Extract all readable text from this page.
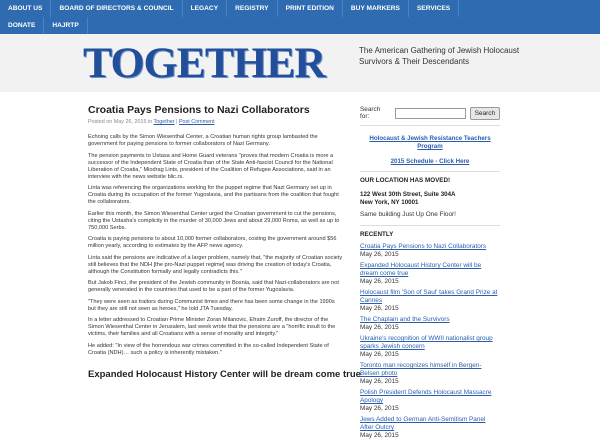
ABOUT US	BOARD OF DIRECTORS & COUNCIL	LEGACY	REGISTRY	PRINT EDITION	BUY MARKERS	SERVICES
DONATE	HAJRTP
TOGETHER	The American Gathering of Jewish Holocaust Survivors & Their Descendants
Croatia Pays Pensions to Nazi Collaborators
Posted on May 26, 2015 in Together | Post Comment
Echoing calls by the Simon Wiesenthal Center, a Croatian human rights group lambasted the government for paying pensions to former collaborators of Nazi Germany.
The pension payments to Ustasa and Home Guard veterans "proves that modern Croatia is more a successor of the Independent State of Croatia than of the State Anti-fascist Council for the National Liberation of Croatia," Miodrag Lints, president of the Coalition of Refugee Associations, said in an interview with the news website blic.rs.
Linta was referencing the organizations working for the puppet regime that Nazi Germany set up in Croatia during its occupation of the former Yugoslavia, and the partisans from the coalition that fought the collaborators.
Earlier this month, the Simon Wiesenthal Center urged the Croatian government to cut the pensions, citing the Ustasha's complicity in the murder of 30,000 Jews and about 29,000 Roma, as well as up to 750,000 Serbs.
Croatia is paying pensions to about 10,000 former collaborators, costing the government around $56 million yearly, according to estimates by the AFP news agency.
Linta said the pensions are indicative of a larger problem, namely that, "the majority of Croatian society still believes that the NDH [the pro-Nazi puppet regime] was driving the creation of today's Croatia, although the Constitution formally and legally contradicts this."
But Jakob Finci, the president of the Jewish community in Bosnia, said that Nazi-collaborators are not generally venerated in the countries that used to be a part of the former Yugoslavia.
"They were seen as traitors during Communist times and there has been some change in the 1990s but they are still not seen as heroes," he told JTA Tuesday.
In a letter addressed to Croatian Prime Minister Zoran Milanovic, Efraim Zuroff, the director of the Simon Wiesenthal Center in Jerusalem, last week wrote that the pensions are a "horrific insult to the victims, their families and all Croatians with a sense of morality and integrity."
He added: "In view of the horrendous war crimes committed in the so-called Independent State of Croatia (NDH)… such a policy is inherently mistaken."
Expanded Holocaust History Center will be dream come true
Search for:	Search
Holocaust & Jewish Resistance Teachers Program
2015 Schedule - Click Here
OUR LOCATION HAS MOVED!
122 West 30th Street, Suite 304A
New York, NY 10001
Same building Just Up One Floor!
RECENTLY
Croatia Pays Pensions to Nazi Collaborators
May 26, 2015
Expanded Holocaust History Center will be dream come true
May 26, 2015
Holocaust film 'Son of Saul' takes Grand Prize at Cannes
May 26, 2015
The Chaplain and the Survivors
May 26, 2015
Ukraine's recognition of WWII nationalist group sparks Jewish concern
May 26, 2015
Toronto man recognizes himself in Bergen-Belsen photo
May 26, 2015
Polish President Defends Holocaust Massacre Apology
May 26, 2015
Jews Added to German Anti-Semitism Panel After Outcry
May 26, 2015
